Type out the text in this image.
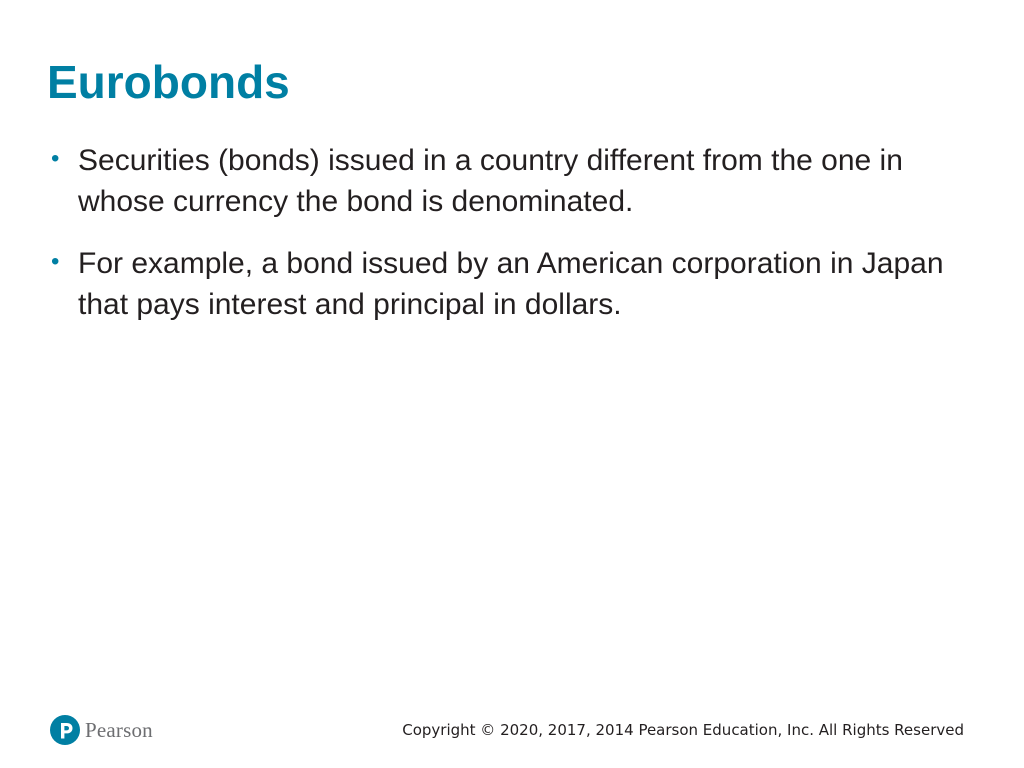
Eurobonds
• Securities (bonds) issued in a country different from the one in whose currency the bond is denominated.
• For example, a bond issued by an American corporation in Japan that pays interest and principal in dollars.
Pearson	Copyright © 2020, 2017, 2014 Pearson Education, Inc. All Rights Reserved
